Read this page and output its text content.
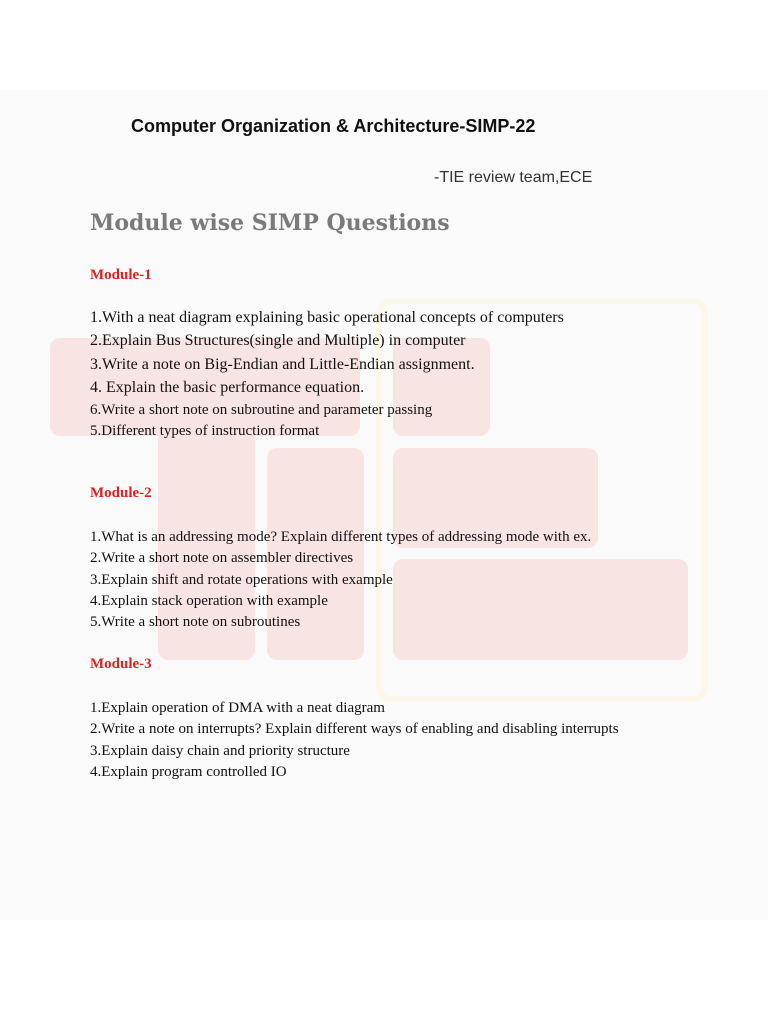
Computer Organization & Architecture-SIMP-22
-TIE review team,ECE
Module wise SIMP Questions
Module-1
1.With a neat diagram explaining basic operational concepts of computers
2.Explain Bus Structures(single and Multiple) in computer
3.Write a note on Big-Endian and Little-Endian assignment.
4. Explain the basic performance equation.
6.Write a short note on subroutine and parameter passing
5.Different types of instruction format
Module-2
1.What is an addressing mode? Explain different types of addressing mode with ex.
2.Write a short note on assembler directives
3.Explain shift and rotate operations with example
4.Explain stack operation with example
5.Write a short note on subroutines
Module-3
1.Explain operation of DMA with a neat diagram
2.Write a note on interrupts? Explain different ways of enabling and disabling interrupts
3.Explain daisy chain and priority structure
4.Explain program controlled IO
